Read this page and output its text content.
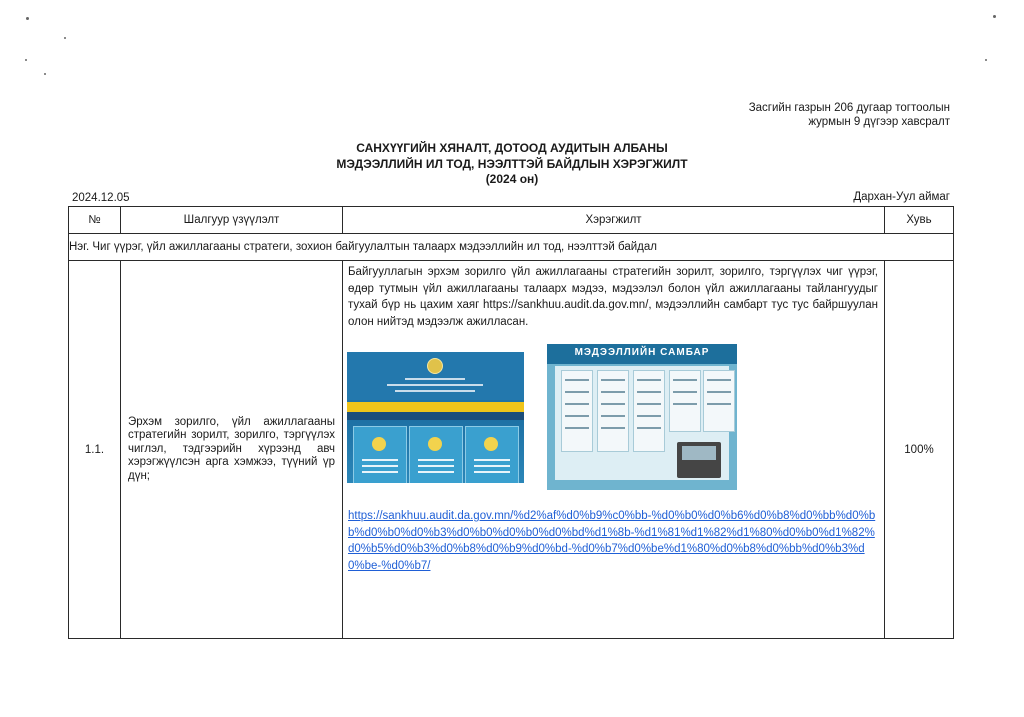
Засгийн газрын 206 дугаар тогтоолын
журмын 9 дүгээр хавсралт
САНХҮҮГИЙН ХЯНАЛТ, ДОТООД АУДИТЫН АЛБАНЫ
МЭДЭЭЛЛИЙН ИЛ ТОД, НЭЭЛТТЭЙ БАЙДЛЫН ХЭРЭГЖИЛТ
(2024 он)
2024.12.05	Дархан-Уул аймаг
№	Шалгуур үзүүлэлт	Хэрэгжилт	Хувь
Нэг. Чиг үүрэг, үйл ажиллагааны стратеги, зохион байгуулалтын талаарх мэдээллийн ил тод, нээлттэй байдал			
1.1.	Эрхэм зорилго, үйл ажиллагааны стратегийн зорилт, зорилго, тэргүүлэх чиглэл, тэдгээрийн хүрээнд авч хэрэгжүүлсэн арга хэмжээ, түүний үр дүн;	Байгууллагын эрхэм зорилго үйл ажиллагааны стратегийн зорилт, зорилго, тэргүүлэх чиг үүрэг, өдөр тутмын үйл ажиллагааны талаарх мэдээ, мэдээлэл болон үйл ажиллагааны тайлангуудыг тухай бүр нь цахим хаяг https://sankhuu.audit.da.gov.mn/, мэдээллийн самбарт тус тус байршуулан олон нийтэд мэдээлж ажилласан.
МЭДЭЭЛЛИЙН САМБАР
https://sankhuu.audit.da.gov.mn/%d2%af%d0%b9%c0%bb-%d0%b0%d0%b6%d0%b8%d0%bb%d0%bb%d0%b0%d0%b3%d0%b0%d0%b0%d0%bd%d1%8b-%d1%81%d1%82%d1%80%d0%b0%d1%82%d0%b5%d0%b3%d0%b8%d0%b9%d0%bd-%d0%b7%d0%be%d1%80%d0%b8%d0%bb%d0%b3%d0%be-%d0%b7/	100%
